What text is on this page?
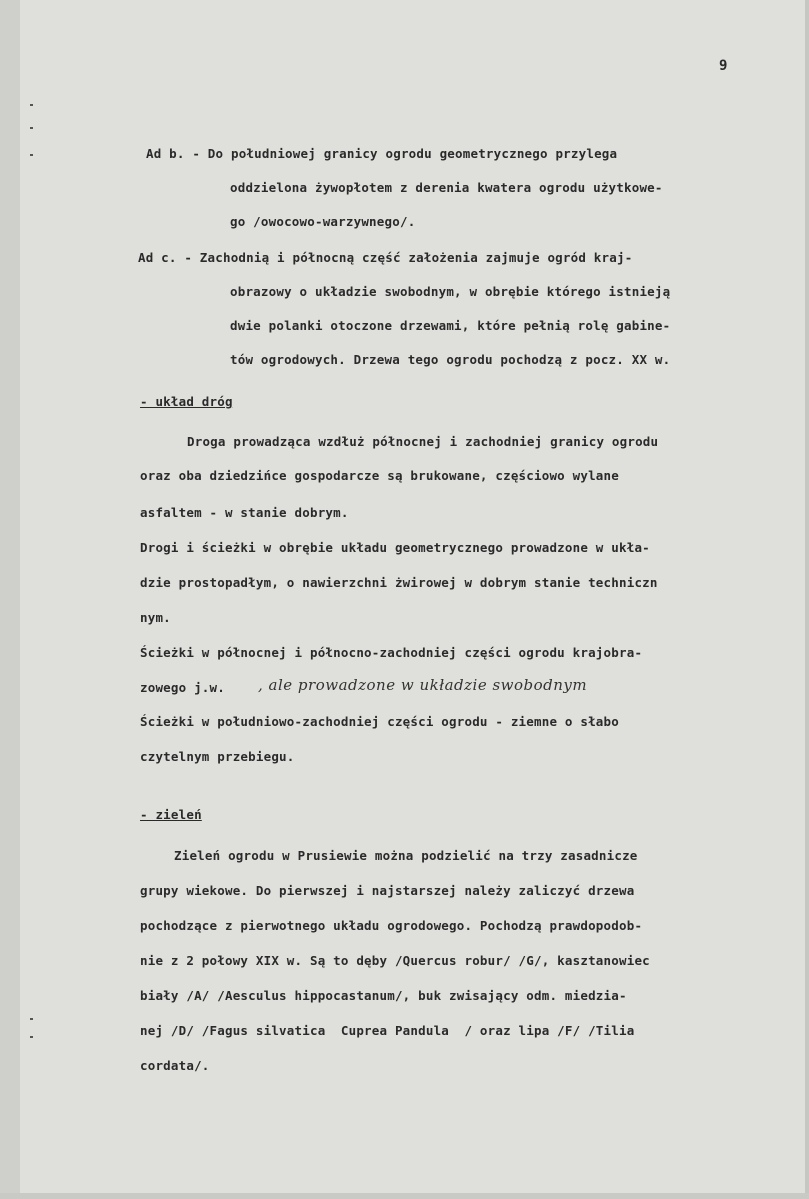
9
Ad b. - Do południowej granicy ogrodu geometrycznego przylega
oddzielona żywopłotem z derenia kwatera ogrodu użytkowe-
go /owocowo-warzywnego/.
Ad c. - Zachodnią i północną część założenia zajmuje ogród kraj-
obrazowy o układzie swobodnym, w obrębie którego istnieją
dwie polanki otoczone drzewami, które pełnią rolę gabine-
tów ogrodowych. Drzewa tego ogrodu pochodzą z pocz. XX w.
- układ dróg
Droga prowadząca wzdłuż północnej i zachodniej granicy ogrodu
oraz oba dziedzińce gospodarcze są brukowane, częściowo wylane
asfaltem - w stanie dobrym.
Drogi i ścieżki w obrębie układu geometrycznego prowadzone w ukła-
dzie prostopadłym, o nawierzchni żwirowej w dobrym stanie techniczn
nym.
Ścieżki w północnej i północno-zachodniej części ogrodu krajobra-
zowego j.w. , ale prowadzone w układzie swobodnym
Ścieżki w południowo-zachodniej części ogrodu - ziemne o słabo
czytelnym przebiegu.
- zieleń
Zieleń ogrodu w Prusiewie można podzielić na trzy zasadnicze
grupy wiekowe. Do pierwszej i najstarszej należy zaliczyć drzewa
pochodzące z pierwotnego układu ogrodowego. Pochodzą prawdopodob-
nie z 2 połowy XIX w. Są to dęby /Quercus robur/ /G/, kasztanowiec
biały /A/ /Aesculus hippocastanum/, buk zwisający odm. miedzia-
nej /D/ /Fagus silvatica  Cuprea Pandula  / oraz lipa /F/ /Tilia
cordata/.
